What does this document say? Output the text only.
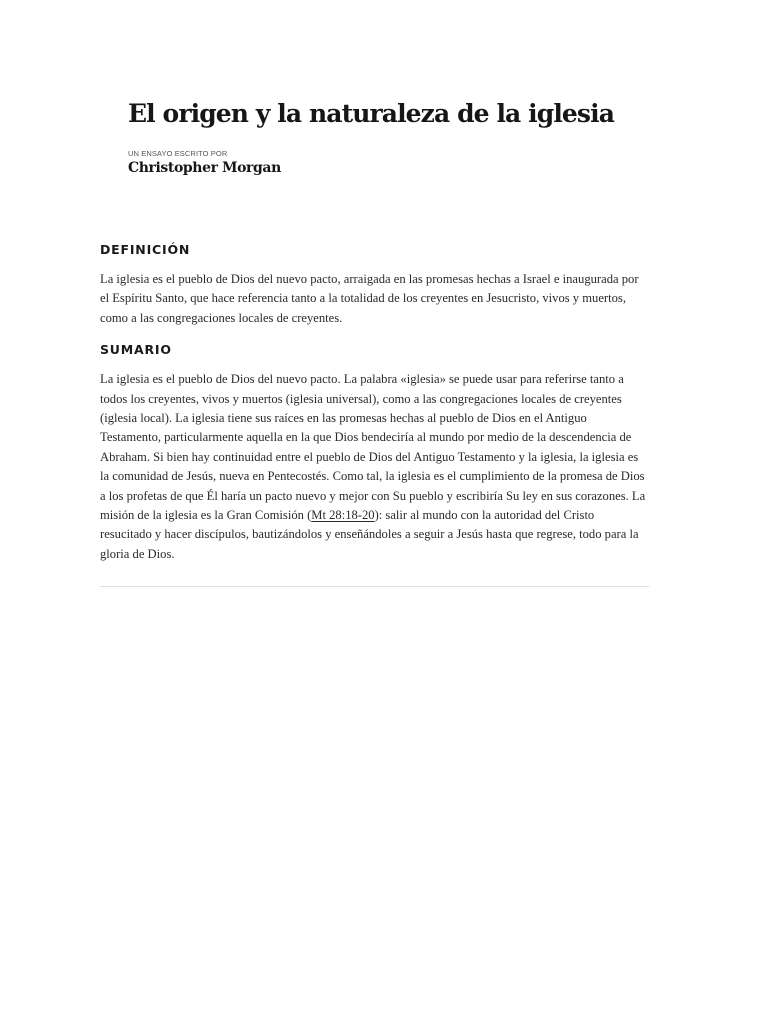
El origen y la naturaleza de la iglesia
UN ENSAYO ESCRITO POR
Christopher Morgan
DEFINICIÓN

La iglesia es el pueblo de Dios del nuevo pacto, arraigada en las promesas hechas a Israel e inaugurada por el Espíritu Santo, que hace referencia tanto a la totalidad de los creyentes en Jesucristo, vivos y muertos, como a las congregaciones locales de creyentes.

SUMARIO

La iglesia es el pueblo de Dios del nuevo pacto. La palabra «iglesia» se puede usar para referirse tanto a todos los creyentes, vivos y muertos (iglesia universal), como a las congregaciones locales de creyentes (iglesia local). La iglesia tiene sus raíces en las promesas hechas al pueblo de Dios en el Antiguo Testamento, particularmente aquella en la que Dios bendeciría al mundo por medio de la descendencia de Abraham. Si bien hay continuidad entre el pueblo de Dios del Antiguo Testamento y la iglesia, la iglesia es la comunidad de Jesús, nueva en Pentecostés. Como tal, la iglesia es el cumplimiento de la promesa de Dios a los profetas de que Él haría un pacto nuevo y mejor con Su pueblo y escribiría Su ley en sus corazones. La misión de la iglesia es la Gran Comisión (Mt 28:18-20): salir al mundo con la autoridad del Cristo resucitado y hacer discípulos, bautizándolos y enseñándoles a seguir a Jesús hasta que regrese, todo para la gloria de Dios.
